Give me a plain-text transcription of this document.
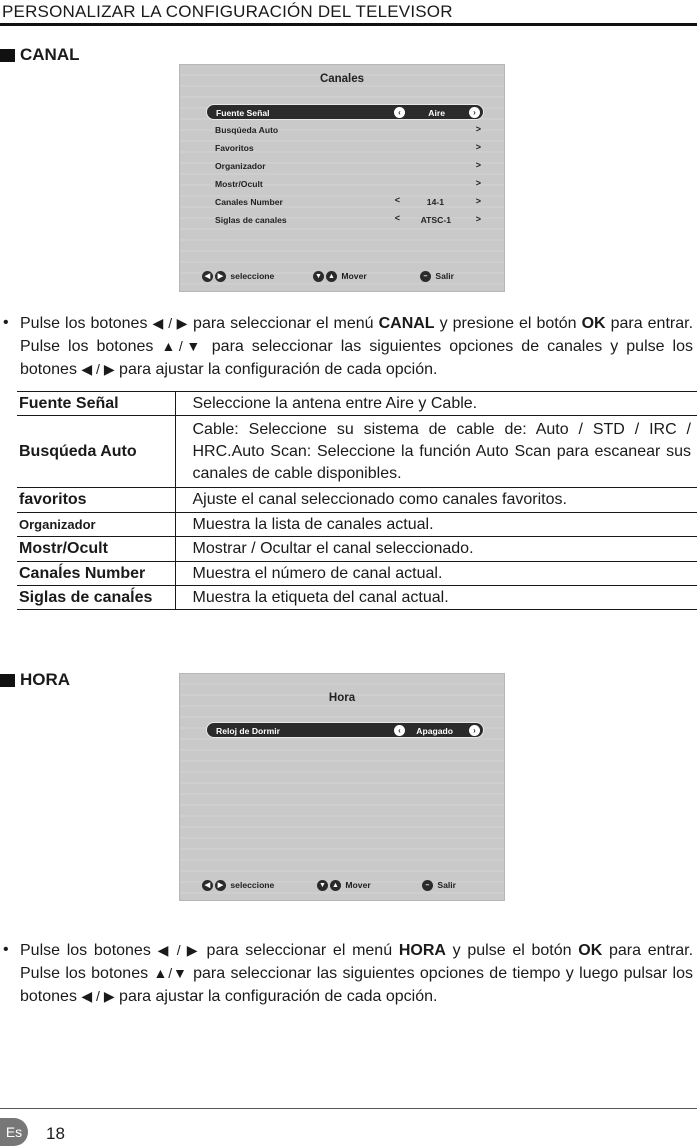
PERSONALIZAR LA CONFIGURACIÓN DEL TELEVISOR
CANAL
Canales
Fuente Señal	‹	Aire	›
Busqúeda Auto	>
Favoritos	>
Organizador	>
Mostr/Ocult	>
Canales Number	<	14-1	>
Siglas de canales	< ATSC-1	>
◀ ▶ seleccione	▼ ▲ Mover	– Salir
• Pulse los botones ◀ / ▶ para seleccionar el menú CANAL y presione el botón OK para entrar. Pulse los botones ▲/▼ para seleccionar las siguientes opciones de canales y pulse los botones ◀ / ▶ para ajustar la configuración de cada opción.
Fuente Señal	Seleccione la antena entre Aire y Cable.
Busqúeda Auto	Cable: Seleccione su sistema de cable de: Auto / STD / IRC / HRC.Auto Scan: Seleccione la función Auto Scan para escanear sus canales de cable disponibles.
favoritos	Ajuste el canal seleccionado como canales favoritos.
Organizador	Muestra la lista de canales actual.
Mostr/Ocult	Mostrar / Ocultar el canal seleccionado.
Canaĺes Number	Muestra el número de canal actual.
Siglas de canaĺes	Muestra la etiqueta del canal actual.
HORA
Hora
Reloj de Dormir	‹	Apagado	›
◀ ▶ seleccione	▼ ▲ Mover	– Salir
• Pulse los botones ◀ / ▶ para seleccionar el menú HORA y pulse el botón OK para entrar. Pulse los botones ▲/▼ para seleccionar las siguientes opciones de tiempo y luego pulsar los botones ◀ / ▶ para ajustar la configuración de cada opción.
Es	18
